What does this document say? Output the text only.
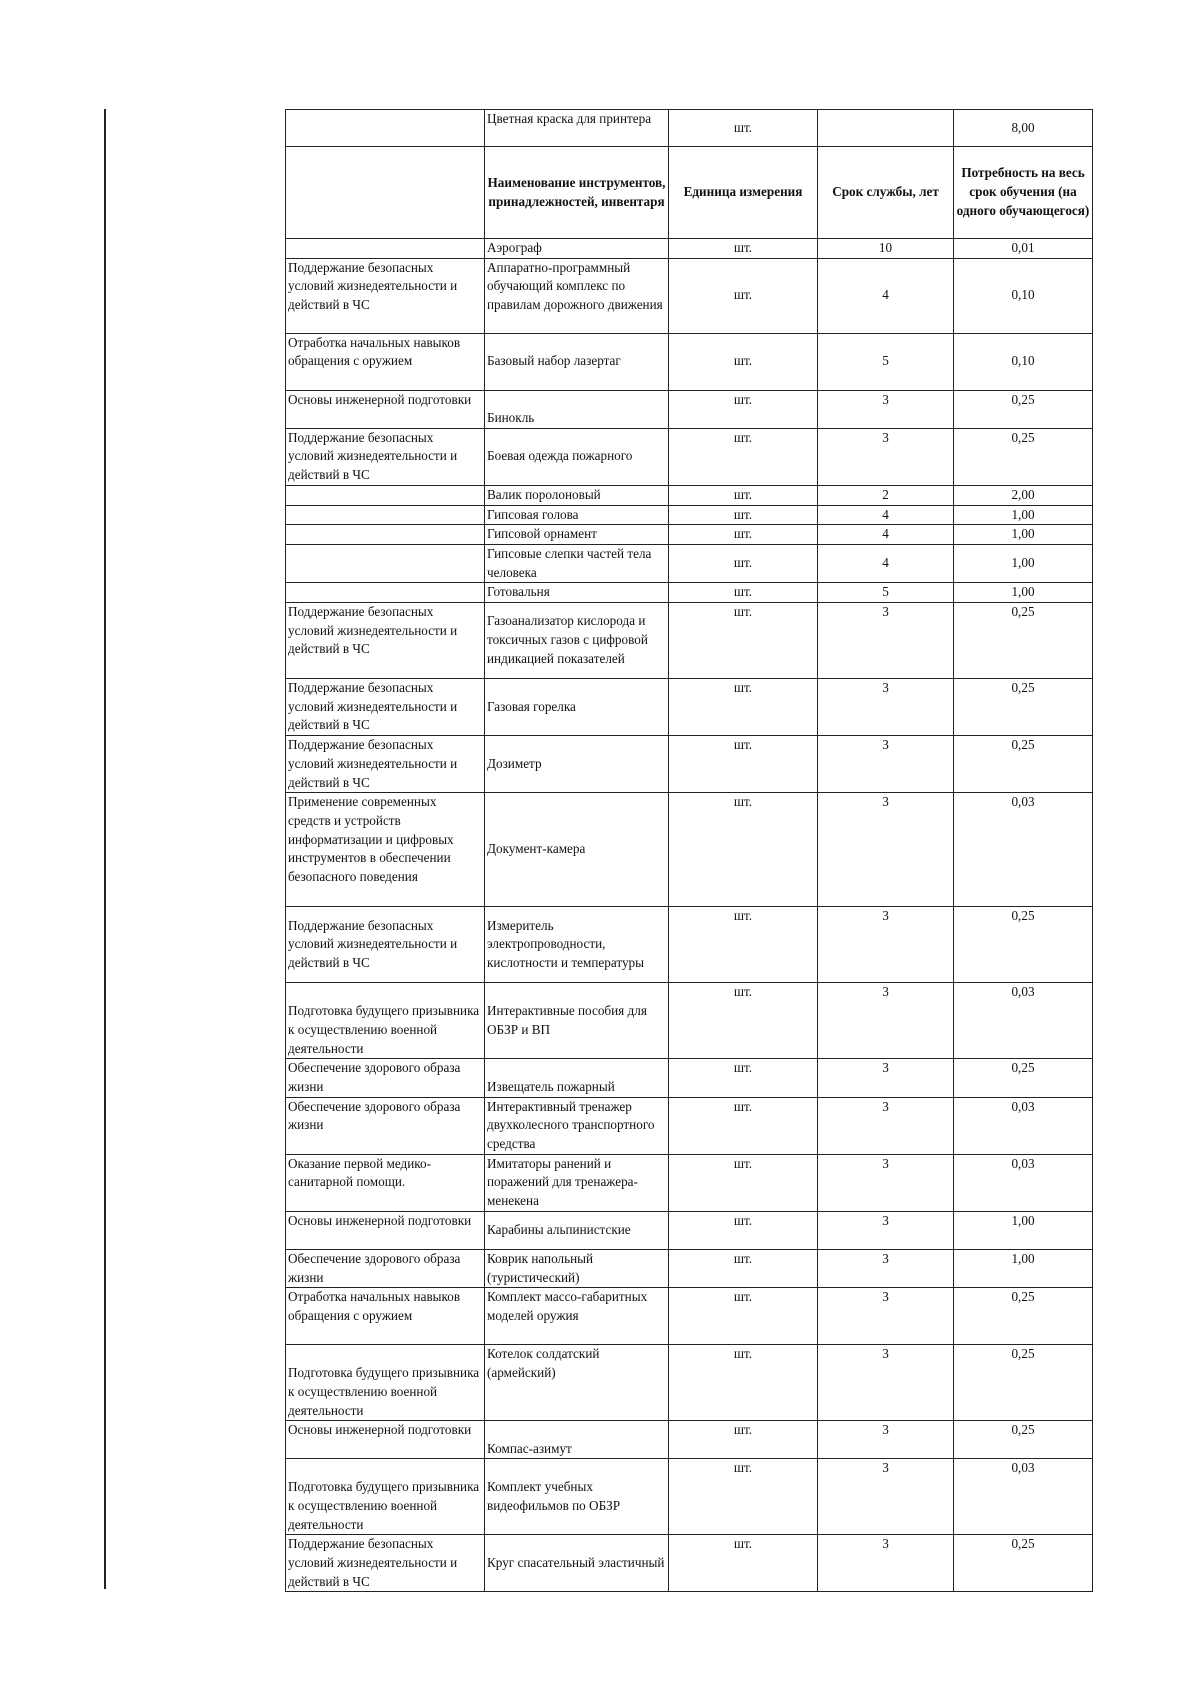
	Цветная краска для принтера	шт.		8,00
	Наименование инструментов, принадлежностей, инвентаря	Единица измерения	Срок службы, лет	Потребность на весь срок обучения (на одного обучающегося)
	Аэрограф	шт.	10	0,01
Поддержание безопасных условий жизнедеятельности и действий в ЧС	Аппаратно-программный обучающий комплекс по правилам дорожного движения	шт.	4	0,10
Отработка начальных навыков обращения с оружием	Базовый набор лазертаг	шт.	5	0,10
Основы инженерной подготовки	Бинокль	шт.	3	0,25
Поддержание безопасных условий жизнедеятельности и действий в ЧС	Боевая одежда пожарного	шт.	3	0,25
	Валик поролоновый	шт.	2	2,00
	Гипсовая голова	шт.	4	1,00
	Гипсовой орнамент	шт.	4	1,00
	Гипсовые слепки частей тела человека	шт.	4	1,00
	Готовальня	шт.	5	1,00
Поддержание безопасных условий жизнедеятельности и действий в ЧС	Газоанализатор кислорода и токсичных газов с цифровой индикацией показателей	шт.	3	0,25
Поддержание безопасных условий жизнедеятельности и действий в ЧС	Газовая горелка	шт.	3	0,25
Поддержание безопасных условий жизнедеятельности и действий в ЧС	Дозиметр	шт.	3	0,25
Применение современных средств и устройств информатизации и цифровых инструментов в обеспечении безопасного поведения	Документ-камера	шт.	3	0,03
Поддержание безопасных условий жизнедеятельности и действий в ЧС	Измеритель электропроводности, кислотности и температуры	шт.	3	0,25
Подготовка будущего призывника к осуществлению военной деятельности	Интерактивные пособия для ОБЗР и ВП	шт.	3	0,03
Обеспечение здорового образа жизни	Извещатель пожарный	шт.	3	0,25
Обеспечение здорового образа жизни	Интерактивный тренажер двухколесного транспортного средства	шт.	3	0,03
Оказание первой медико-санитарной помощи.	Имитаторы ранений и поражений для тренажера-менекена	шт.	3	0,03
Основы инженерной подготовки	Карабины альпинистские	шт.	3	1,00
Обеспечение здорового образа жизни	Коврик напольный (туристический)	шт.	3	1,00
Отработка начальных навыков обращения с оружием	Комплект массо-габаритных моделей оружия	шт.	3	0,25
Подготовка будущего призывника к осуществлению военной деятельности	Котелок солдатский (армейский)	шт.	3	0,25
Основы инженерной подготовки	Компас-азимут	шт.	3	0,25
Подготовка будущего призывника к осуществлению военной деятельности	Комплект учебных видеофильмов по ОБЗР	шт.	3	0,03
Поддержание безопасных условий жизнедеятельности и действий в ЧС	Круг спасательный эластичный	шт.	3	0,25
